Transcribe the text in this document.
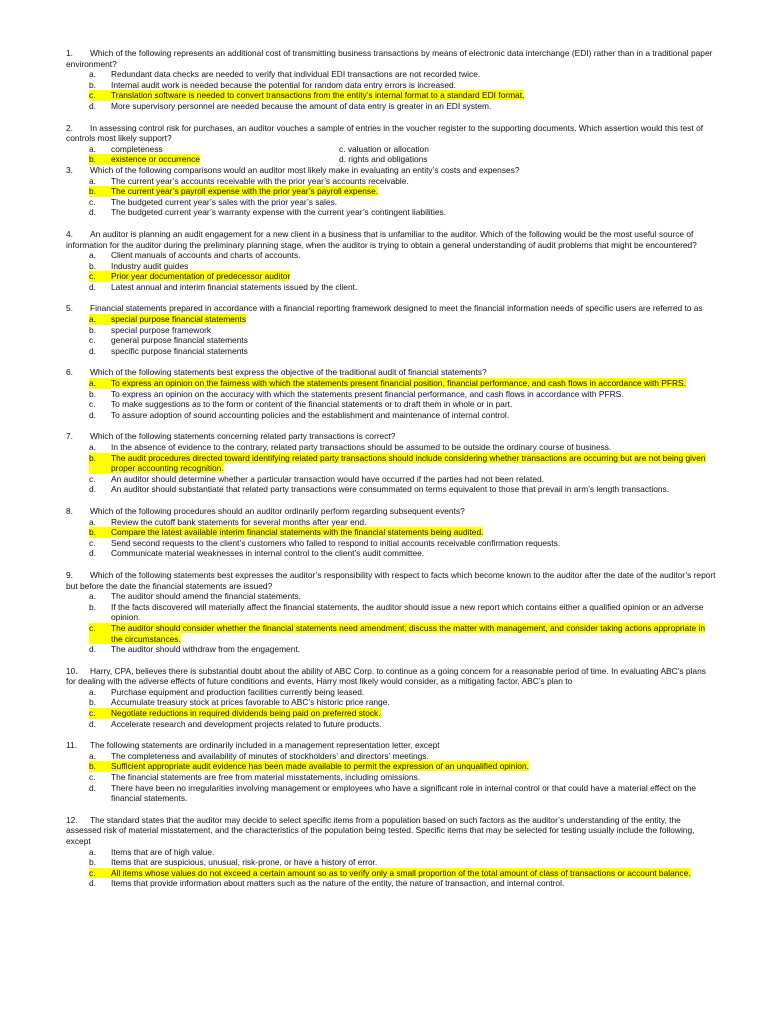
1. Which of the following represents an additional cost of transmitting business transactions by means of electronic data interchange (EDI) rather than in a traditional paper environment?

a.	Redundant data checks are needed to verify that individual EDI transactions are not recorded twice.
b.	Internal audit work is needed because the potential for random data entry errors is increased.
c.	Translation software is needed to convert transactions from the entity’s internal format to a standard EDI format.
d.	More supervisory personnel are needed because the amount of data entry is greater in an EDI system.

2. In assessing control risk for purchases, an auditor vouches a sample of entries in the voucher register to the supporting documents. Which assertion would this test of controls most likely support?

a.	completeness	c. valuation or allocation
b.	existence or occurrence	d. rights and obligations

3. Which of the following comparisons would an auditor most likely make in evaluating an entity’s costs and expenses?

a.	The current year’s accounts receivable with the prior year’s accounts receivable.
b.	The current year’s payroll expense with the prior year’s payroll expense.
c.	The budgeted current year’s sales with the prior year’s sales.
d.	The budgeted current year’s warranty expense with the current year’s contingent liabilities.

4. An auditor is planning an audit engagement for a new client in a business that is unfamiliar to the auditor. Which of the following would be the most useful source of information for the auditor during the preliminary planning stage, when the auditor is trying to obtain a general understanding of audit problems that might be encountered?

a.	Client manuals of accounts and charts of accounts.
b.	Industry audit guides
c.	Prior year documentation of predecessor auditor
d.	Latest annual and interim financial statements issued by the client.

5. Financial statements prepared in accordance with a financial reporting framework designed to meet the financial information needs of specific users are referred to as

a.	special purpose financial statements
b.	special purpose framework
c.	general purpose financial statements
d.	specific purpose financial statements

6. Which of the following statements best express the objective of the traditional audit of financial statements?

a.	To express an opinion on the fairness with which the statements present financial position, financial performance, and cash flows in accordance with PFRS.
b.	To express an opinion on the accuracy with which the statements present financial performance, and cash flows in accordance with PFRS.
c.	To make suggestions as to the form or content of the financial statements or to draft them in whole or in part.
d.	To assure adoption of sound accounting policies and the establishment and maintenance of internal control.

7. Which of the following statements concerning related party transactions is correct?

a.	In the absence of evidence to the contrary, related party transactions should be assumed to be outside the ordinary course of business.
b.	The audit procedures directed toward identifying related party transactions should include considering whether transactions are occurring but are not being given proper accounting recognition.
c.	An auditor should determine whether a particular transaction would have occurred if the parties had not been related.
d.	An auditor should substantiate that related party transactions were consummated on terms equivalent to those that prevail in arm’s length transactions.

8. Which of the following procedures should an auditor ordinarily perform regarding subsequent events?

a.	Review the cutoff bank statements for several months after year end.
b.	Compare the latest available interim financial statements with the financial statements being audited.
c.	Send second requests to the client’s customers who failed to respond to initial accounts receivable confirmation requests.
d.	Communicate material weaknesses in internal control to the client’s audit committee.

9. Which of the following statements best expresses the auditor’s responsibility with respect to facts which become known to the auditor after the date of the auditor’s report but before the date the financial statements are issued?

a.	The auditor should amend the financial statements.
b.	If the facts discovered will materially affect the financial statements, the auditor should issue a new report which contains either a qualified opinion or an adverse opinion.
c.	The auditor should consider whether the financial statements need amendment, discuss the matter with management, and consider taking actions appropriate in the circumstances.
d.	The auditor should withdraw from the engagement.

10. Harry, CPA, believes there is substantial doubt about the ability of ABC Corp. to continue as a going concern for a reasonable period of time. In evaluating ABC’s plans for dealing with the adverse effects of future conditions and events, Harry most likely would consider, as a mitigating factor, ABC’s plan to

a.	Purchase equipment and production facilities currently being leased.
b.	Accumulate treasury stock at prices favorable to ABC’s historic price range.
c.	Negotiate reductions in required dividends being paid on preferred stock.
d.	Accelerate research and development projects related to future products.

11. The following statements are ordinarily included in a management representation letter, except

a.	The completeness and availability of minutes of stockholders’ and directors’ meetings.
b.	Sufficient appropriate audit evidence has been made available to permit the expression of an unqualified opinion.
c.	The financial statements are free from material misstatements, including omissions.
d.	There have been no irregularities involving management or employees who have a significant role in internal control or that could have a material effect on the financial statements.

12. The standard states that the auditor may decide to select specific items from a population based on such factors as the auditor’s understanding of the entity, the assessed risk of material misstatement, and the characteristics of the population being tested. Specific items that may be selected for testing usually include the following, except

a.	Items that are of high value.
b.	Items that are suspicious, unusual, risk-prone, or have a history of error.
c.	All items whose values do not exceed a certain amount so as to verify only a small proportion of the total amount of class of transactions or account balance.
d.	Items that provide information about matters such as the nature of the entity, the nature of transaction, and internal control.
